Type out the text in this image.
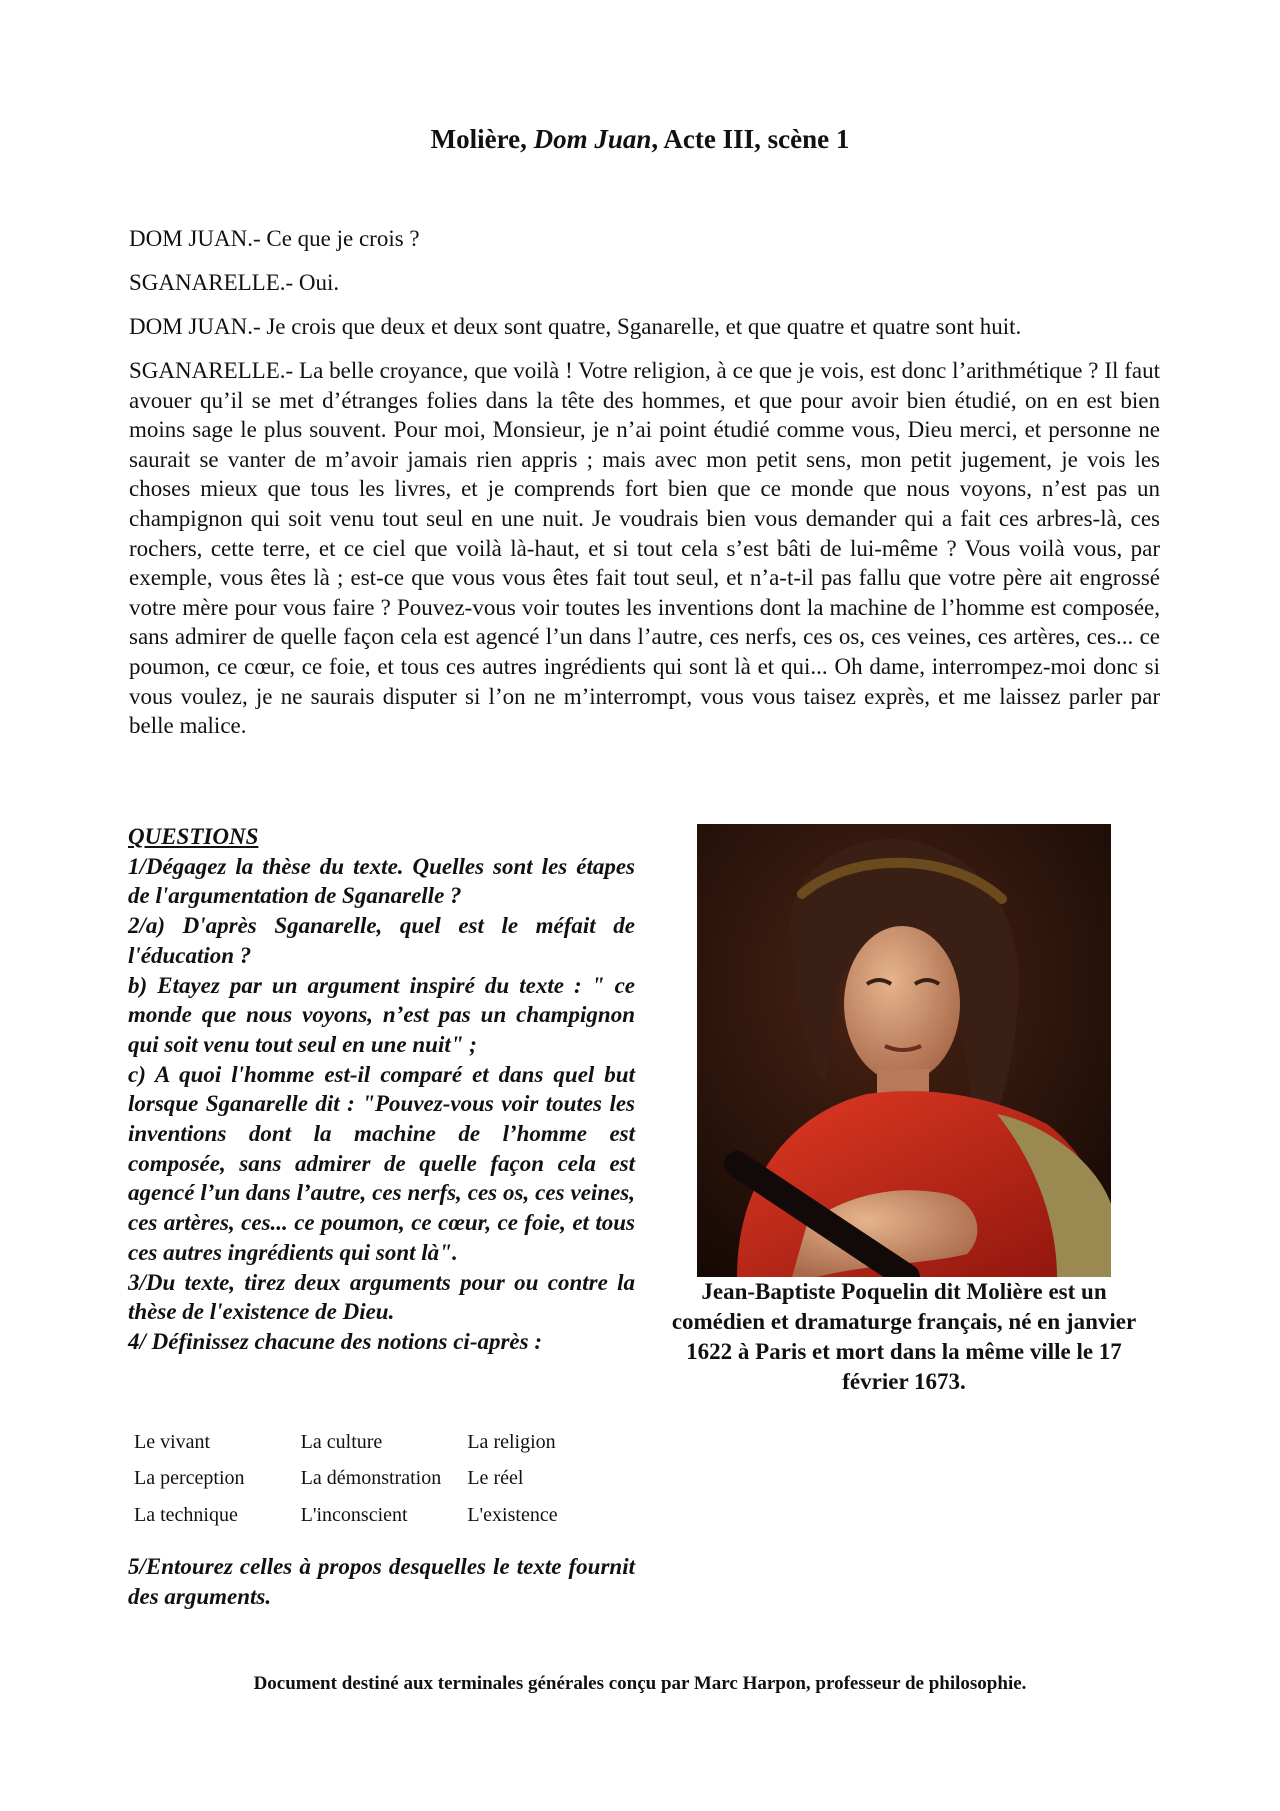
Molière, Dom Juan, Acte III, scène 1

DOM JUAN.- Ce que je crois ?

SGANARELLE.- Oui.

DOM JUAN.- Je crois que deux et deux sont quatre, Sganarelle, et que quatre et quatre sont huit.

SGANARELLE.- La belle croyance, que voilà ! Votre religion, à ce que je vois, est donc l’arithmétique ? Il faut avouer qu’il se met d’étranges folies dans la tête des hommes, et que pour avoir bien étudié, on en est bien moins sage le plus souvent. Pour moi, Monsieur, je n’ai point étudié comme vous, Dieu merci, et personne ne saurait se vanter de m’avoir jamais rien appris ; mais avec mon petit sens, mon petit jugement, je vois les choses mieux que tous les livres, et je comprends fort bien que ce monde que nous voyons, n’est pas un champignon qui soit venu tout seul en une nuit. Je voudrais bien vous demander qui a fait ces arbres-là, ces rochers, cette terre, et ce ciel que voilà là-haut, et si tout cela s’est bâti de lui-même ? Vous voilà vous, par exemple, vous êtes là ; est-ce que vous vous êtes fait tout seul, et n’a-t-il pas fallu que votre père ait engrossé votre mère pour vous faire ? Pouvez-vous voir toutes les inventions dont la machine de l’homme est composée, sans admirer de quelle façon cela est agencé l’un dans l’autre, ces nerfs, ces os, ces veines, ces artères, ces... ce poumon, ce cœur, ce foie, et tous ces autres ingrédients qui sont là et qui... Oh dame, interrompez-moi donc si vous voulez, je ne saurais disputer si l’on ne m’interrompt, vous vous taisez exprès, et me laissez parler par belle malice.

QUESTIONS

1/Dégagez la thèse du texte. Quelles sont les étapes de l'argumentation de Sganarelle ?

2/a) D'après Sganarelle, quel est le méfait de l'éducation ?

b) Etayez par un argument inspiré du texte : " ce monde que nous voyons, n’est pas un champignon qui soit venu tout seul en une nuit" ;

c) A quoi l'homme est-il comparé et dans quel but lorsque Sganarelle dit : "Pouvez-vous voir toutes les inventions dont la machine de l’homme est composée, sans admirer de quelle façon cela est agencé l’un dans l’autre, ces nerfs, ces os, ces veines, ces artères, ces... ce poumon, ce cœur, ce foie, et tous ces autres ingrédients qui sont là".

3/Du texte, tirez deux arguments pour ou contre la thèse de l'existence de Dieu.

4/ Définissez chacune des notions ci-après :

Le vivant	La culture	La religion
La perception	La démonstration	Le réel
La technique	L'inconscient	L'existence

5/Entourez celles à propos desquelles le texte fournit des arguments.

Jean-Baptiste Poquelin dit Molière est un comédien et dramaturge français, né en janvier 1622 à Paris et mort dans la même ville le 17 février 1673.
Document destiné aux terminales générales conçu par Marc Harpon, professeur de philosophie.
